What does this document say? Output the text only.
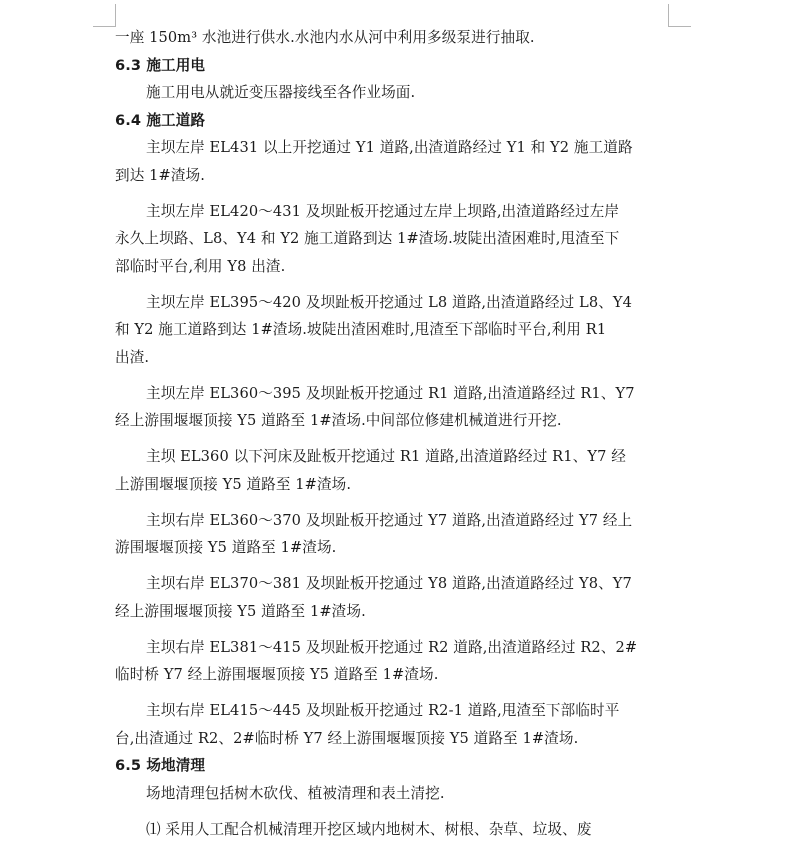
一座 150m³ 水池进行供水.水池内水从河中利用多级泵进行抽取.
6.3 施工用电
施工用电从就近变压器接线至各作业场面.
6.4 施工道路
主坝左岸 EL431 以上开挖通过 Y1 道路,出渣道路经过 Y1 和 Y2 施工道路
到达 1#渣场.
主坝左岸 EL420～431 及坝趾板开挖通过左岸上坝路,出渣道路经过左岸
永久上坝路、L8、Y4 和 Y2 施工道路到达 1#渣场.坡陡出渣困难时,甩渣至下
部临时平台,利用 Y8 出渣.
主坝左岸 EL395～420 及坝趾板开挖通过 L8 道路,出渣道路经过 L8、Y4
和 Y2 施工道路到达 1#渣场.坡陡出渣困难时,甩渣至下部临时平台,利用 R1
出渣.
主坝左岸 EL360～395 及坝趾板开挖通过 R1 道路,出渣道路经过 R1、Y7
经上游围堰堰顶接 Y5 道路至 1#渣场.中间部位修建机械道进行开挖.
主坝 EL360 以下河床及趾板开挖通过 R1 道路,出渣道路经过 R1、Y7 经
上游围堰堰顶接 Y5 道路至 1#渣场.
主坝右岸 EL360～370 及坝趾板开挖通过 Y7 道路,出渣道路经过 Y7 经上
游围堰堰顶接 Y5 道路至 1#渣场.
主坝右岸 EL370～381 及坝趾板开挖通过 Y8 道路,出渣道路经过 Y8、Y7
经上游围堰堰顶接 Y5 道路至 1#渣场.
主坝右岸 EL381～415 及坝趾板开挖通过 R2 道路,出渣道路经过 R2、2#
临时桥 Y7 经上游围堰堰顶接 Y5 道路至 1#渣场.
主坝右岸 EL415～445 及坝趾板开挖通过 R2-1 道路,甩渣至下部临时平
台,出渣通过 R2、2#临时桥 Y7 经上游围堰堰顶接 Y5 道路至 1#渣场.
6.5 场地清理
场地清理包括树木砍伐、植被清理和表土清挖.
⑴ 采用人工配合机械清理开挖区域内地树木、树根、杂草、垃圾、废
